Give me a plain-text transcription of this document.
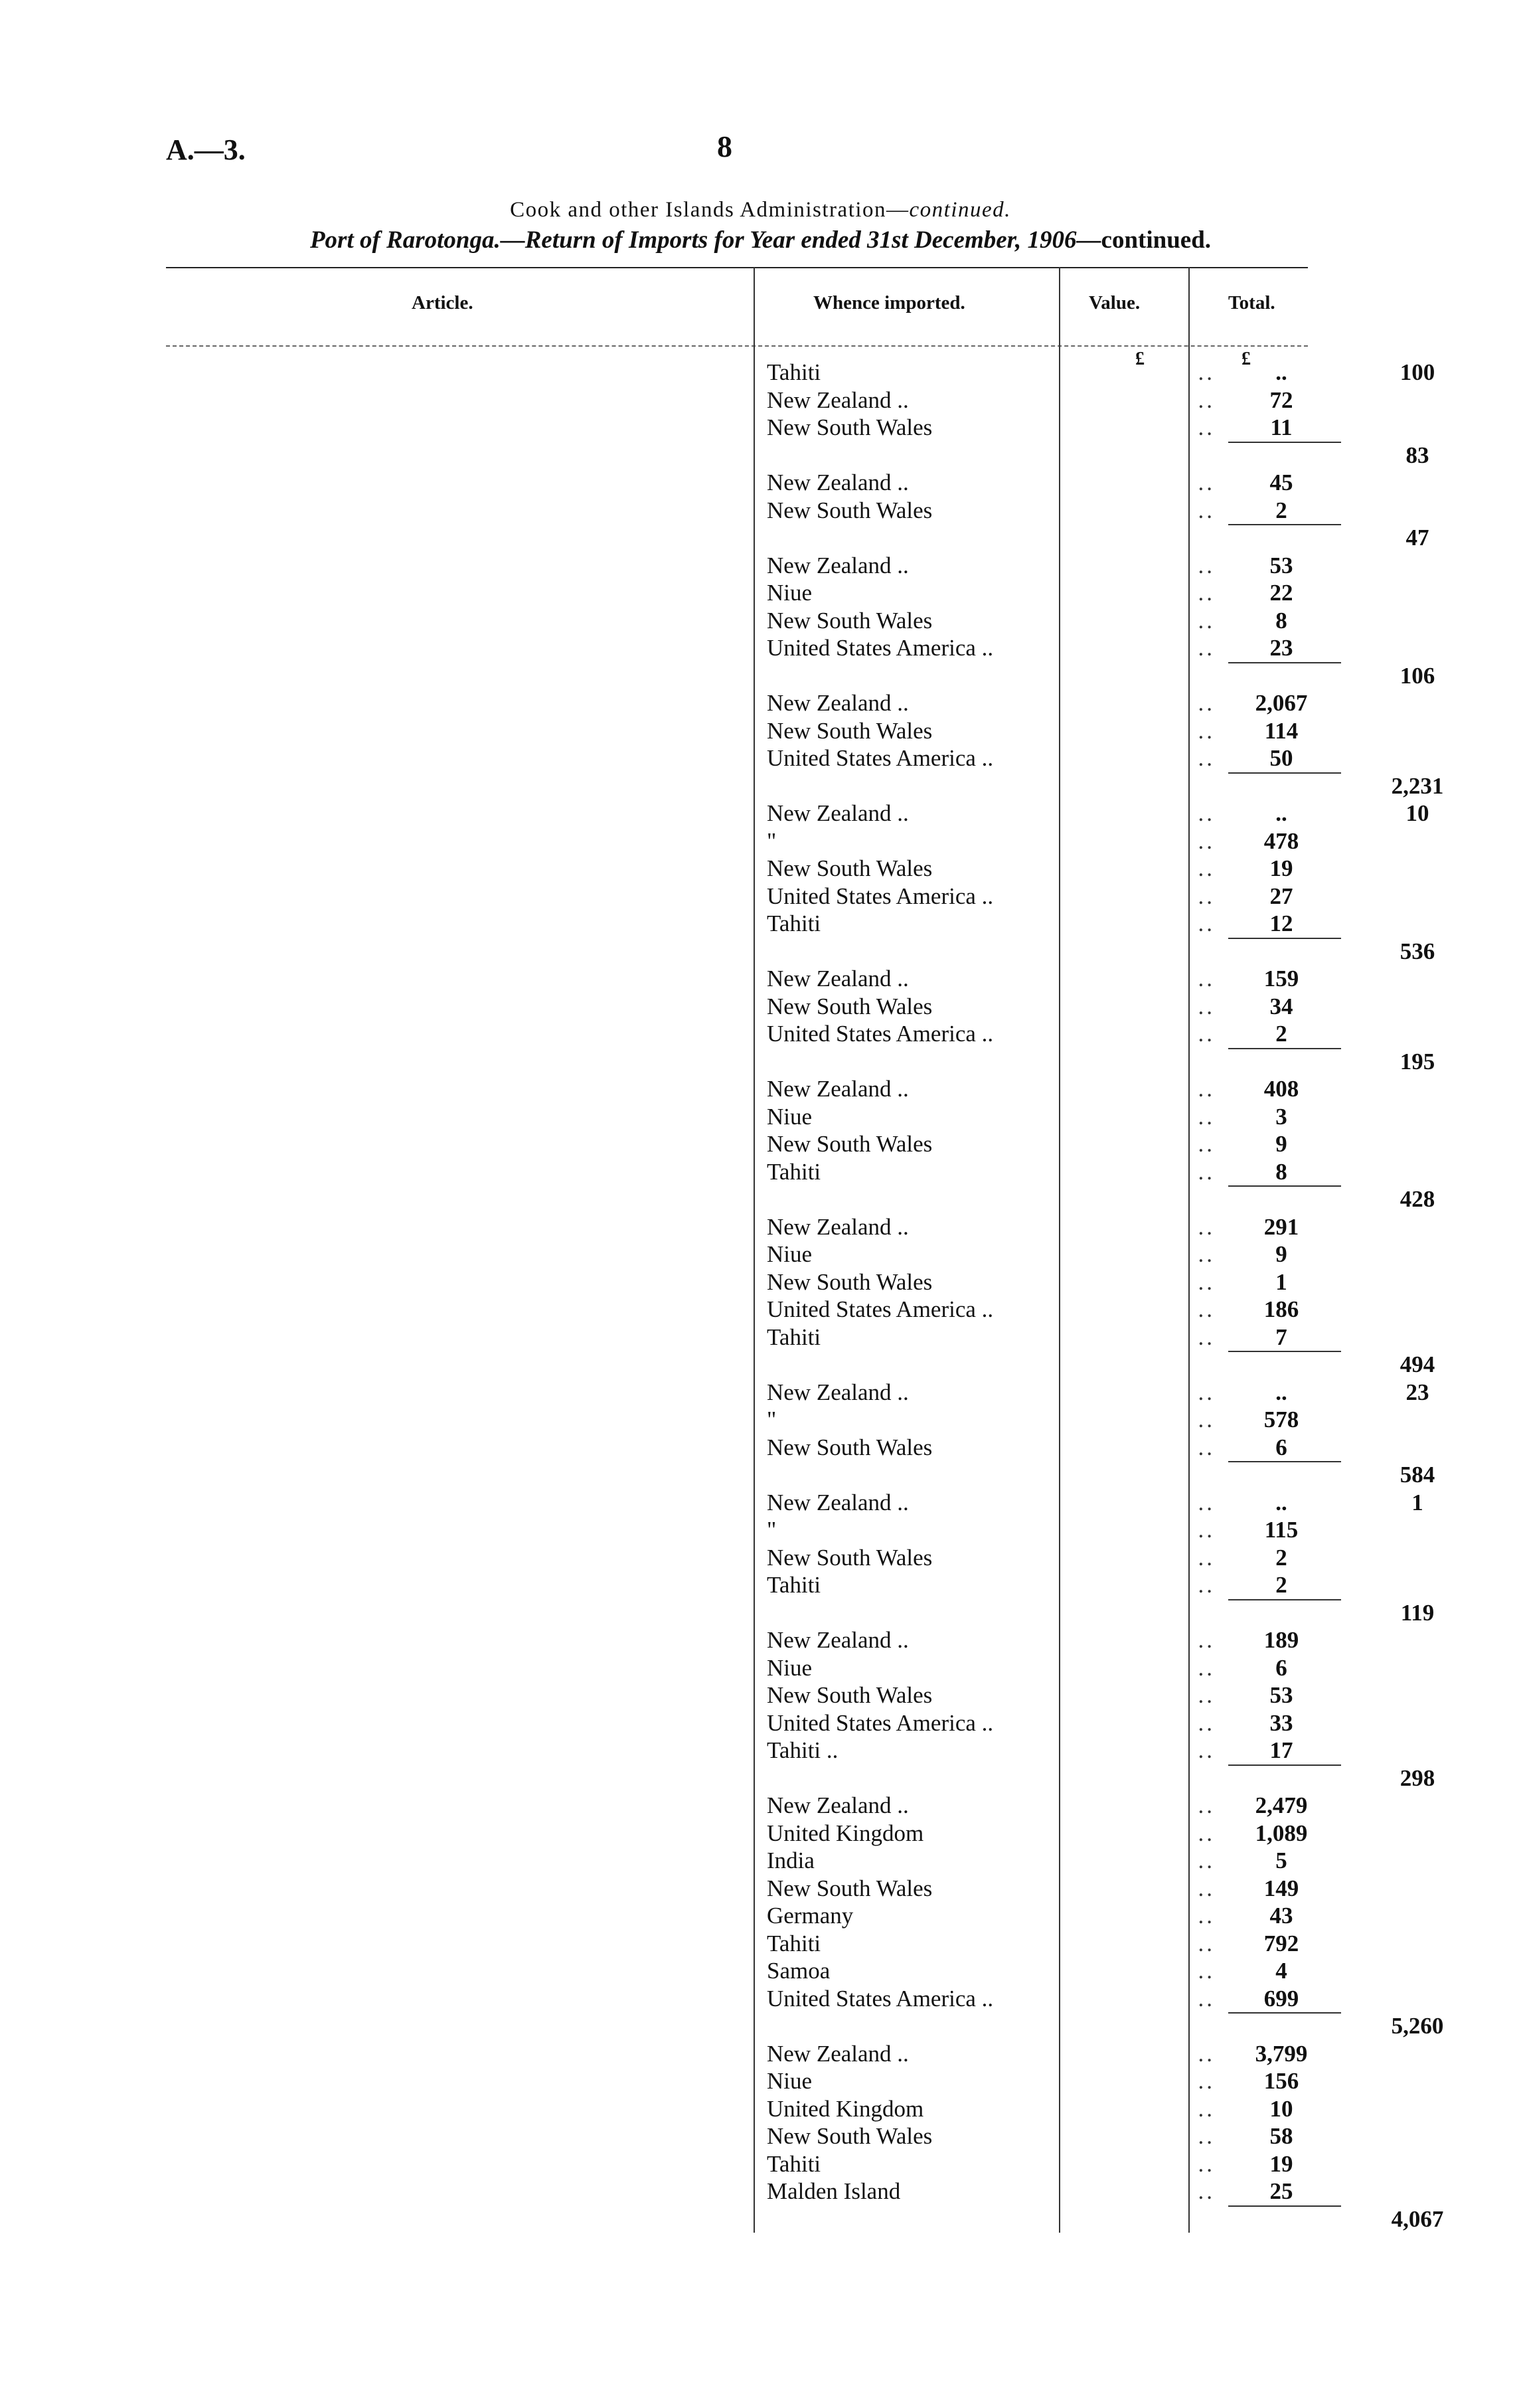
A.—3.	8
Cook and other Islands Administration—continued.
Port of Rarotonga.—Return of Imports for Year ended 31st December, 1906—continued.
Article.	Whence imported.	Value.	Total.
£	£
Tahiti	..	..	100
New Zealand ..	..	72
New South Wales	..	11
83
New Zealand ..	..	45
New South Wales	..	2
47
New Zealand ..	..	53
Niue	..	22
New South Wales	..	8
United States America ..	..	23
106
New Zealand ..	..	2,067
New South Wales	..	114
United States America ..	..	50
2,231
New Zealand ..	..	..	10
"	..	478
New South Wales	..	19
United States America ..	..	27
Tahiti	..	12
536
New Zealand ..	..	159
New South Wales	..	34
United States America ..	..	2
195
New Zealand ..	..	408
Niue	..	3
New South Wales	..	9
Tahiti	..	8
428
New Zealand ..	..	291
Niue	..	9
New South Wales	..	1
United States America ..	..	186
Tahiti	..	7
494
New Zealand ..	..	..	23
"	..	578
New South Wales	..	6
584
New Zealand ..	..	..	1
"	..	115
New South Wales	..	2
Tahiti	..	2
119
New Zealand ..	..	189
Niue	..	6
New South Wales	..	53
United States America ..	..	33
Tahiti ..	..	17
298
New Zealand ..	..	2,479
United Kingdom	..	1,089
India	..	5
New South Wales	..	149
Germany	..	43
Tahiti	..	792
Samoa	..	4
United States America ..	..	699
5,260
New Zealand ..	..	3,799
Niue	..	156
United Kingdom	..	10
New South Wales	..	58
Tahiti	..	19
Malden Island	..	25
4,067
